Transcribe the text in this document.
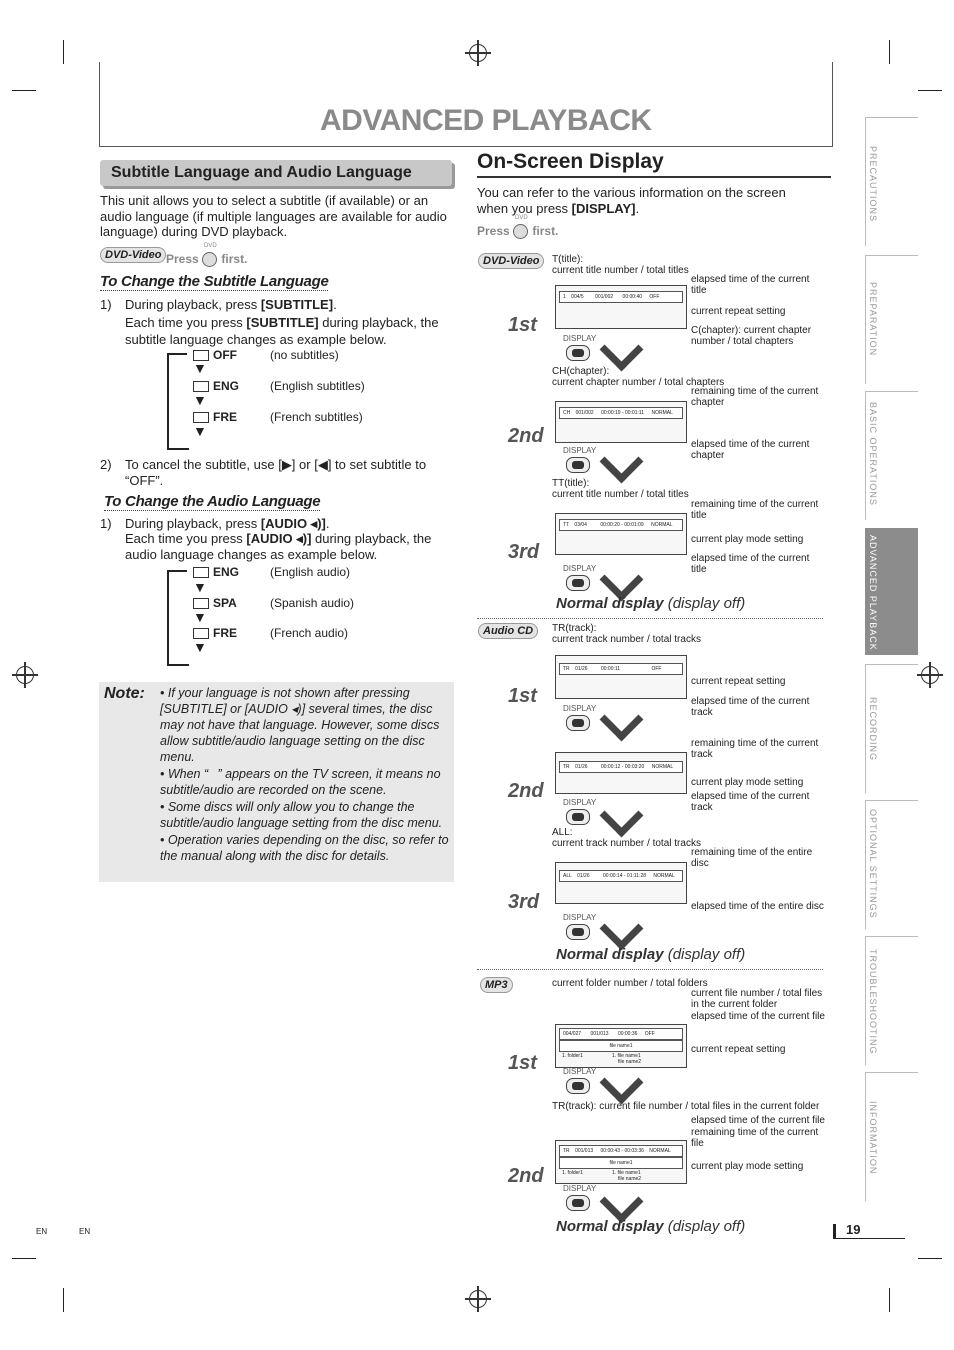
ADVANCED PLAYBACK
Subtitle Language and Audio Language
This unit allows you to select a subtitle (if available) or an audio language (if multiple languages are available for audio language) during DVD playback.
DVD-Video Press
DVD
first.
To Change the Subtitle Language
1) During playback, press [SUBTITLE].
Each time you press [SUBTITLE] during playback, the subtitle language changes as example below.
▼
▼
▼
OFF	(no subtitles)
ENG	(English subtitles)
FRE	(French subtitles)
2) To cancel the subtitle, use [▶] or [◀] to set subtitle to “OFF”.
To Change the Audio Language
1) During playback, press [AUDIO ◂)].
Each time you press [AUDIO ◂)] during playback, the audio language changes as example below.
▼
▼
▼
ENG	(English audio)
SPA	(Spanish audio)
FRE	(French audio)
Note: • If your language is not shown after pressing [SUBTITLE] or [AUDIO ◂)] several times, the disc may not have that language. However, some discs allow subtitle/audio language setting on the disc menu.
• When “⃠” appears on the TV screen, it means no subtitle/audio are recorded on the scene.
• Some discs will only allow you to change the subtitle/audio language setting from the disc menu.
• Operation varies depending on the disc, so refer to the manual along with the disc for details.
On-Screen Display
You can refer to the various information on the screen when you press [DISPLAY].
Press
DVD
first.
DVD-Video	T(title):
current title number / total titles
1 004/5 001/002 00:00:40 OFF
1st
DISPLAY
elapsed time of the current title
current repeat setting
C(chapter): current chapter number / total chapters
CH(chapter):
current chapter number / total chapters
CH 001/002 00:00:19 - 00:01:11 NORMAL
2nd
DISPLAY
remaining time of the current chapter
elapsed time of the current chapter
TT(title):
current title number / total titles
TT 03/04	00:00:20 - 00:01:09 NORMAL
3rd
DISPLAY
remaining time of the current title
current play mode setting
elapsed time of the current title
Normal display (display off)
Audio CD	TR(track):
current track number / total tracks
TR 01/26	00:00:11	OFF
1st
DISPLAY
current repeat setting
elapsed time of the current track
TR 01/26	00:00:12 - 00:03:20 NORMAL
2nd
DISPLAY
remaining time of the current track
current play mode setting
elapsed time of the current track
ALL:
current track number / total tracks
ALL 01/26	00:00:14 - 01:11:28 NORMAL
3rd
DISPLAY
remaining time of the entire disc
elapsed time of the entire disc
Normal display (display off)
MP3	current folder number / total folders
004/027 001/013 00:00:36 OFF
file name1
1. folder1	1. file name1
file name2
1st	DISPLAY
current file number / total files in the current folder
elapsed time of the current file
current repeat setting
TR(track): current file number / total files in the current folder
TR 001/013 00:00:43 - 00:03:36 NORMAL
file name1
1. folder1	1. file name1
file name2
2nd
DISPLAY
elapsed time of the current file
remaining time of the current file
current play mode setting
Normal display (display off)
PRECAUTIONS
PREPARATION
BASIC OPERATIONS
ADVANCED PLAYBACK
RECORDING
OPTIONAL SETTINGS
TROUBLESHOOTING
INFORMATION
19
EN	EN
